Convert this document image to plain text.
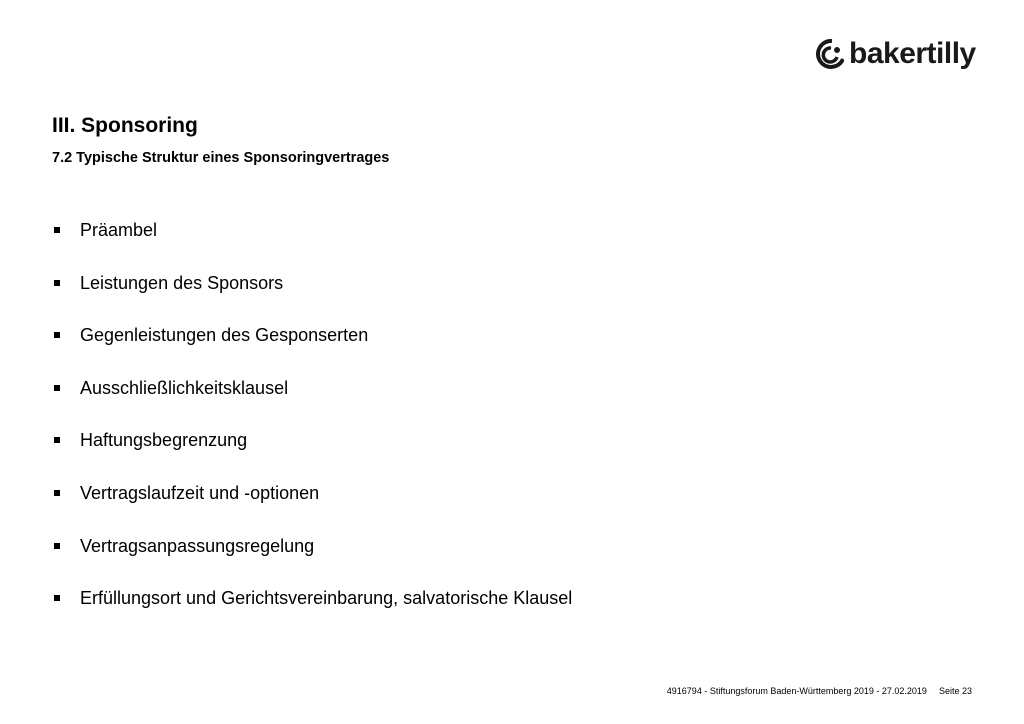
bakertilly
III. Sponsoring
7.2 Typische Struktur eines Sponsoringvertrages
Präambel
Leistungen des Sponsors
Gegenleistungen des Gesponserten
Ausschließlichkeitsklausel
Haftungsbegrenzung
Vertragslaufzeit und -optionen
Vertragsanpassungsregelung
Erfüllungsort und Gerichtsvereinbarung, salvatorische Klausel
4916794 - Stiftungsforum Baden-Württemberg 2019 - 27.02.2019 Seite 23
